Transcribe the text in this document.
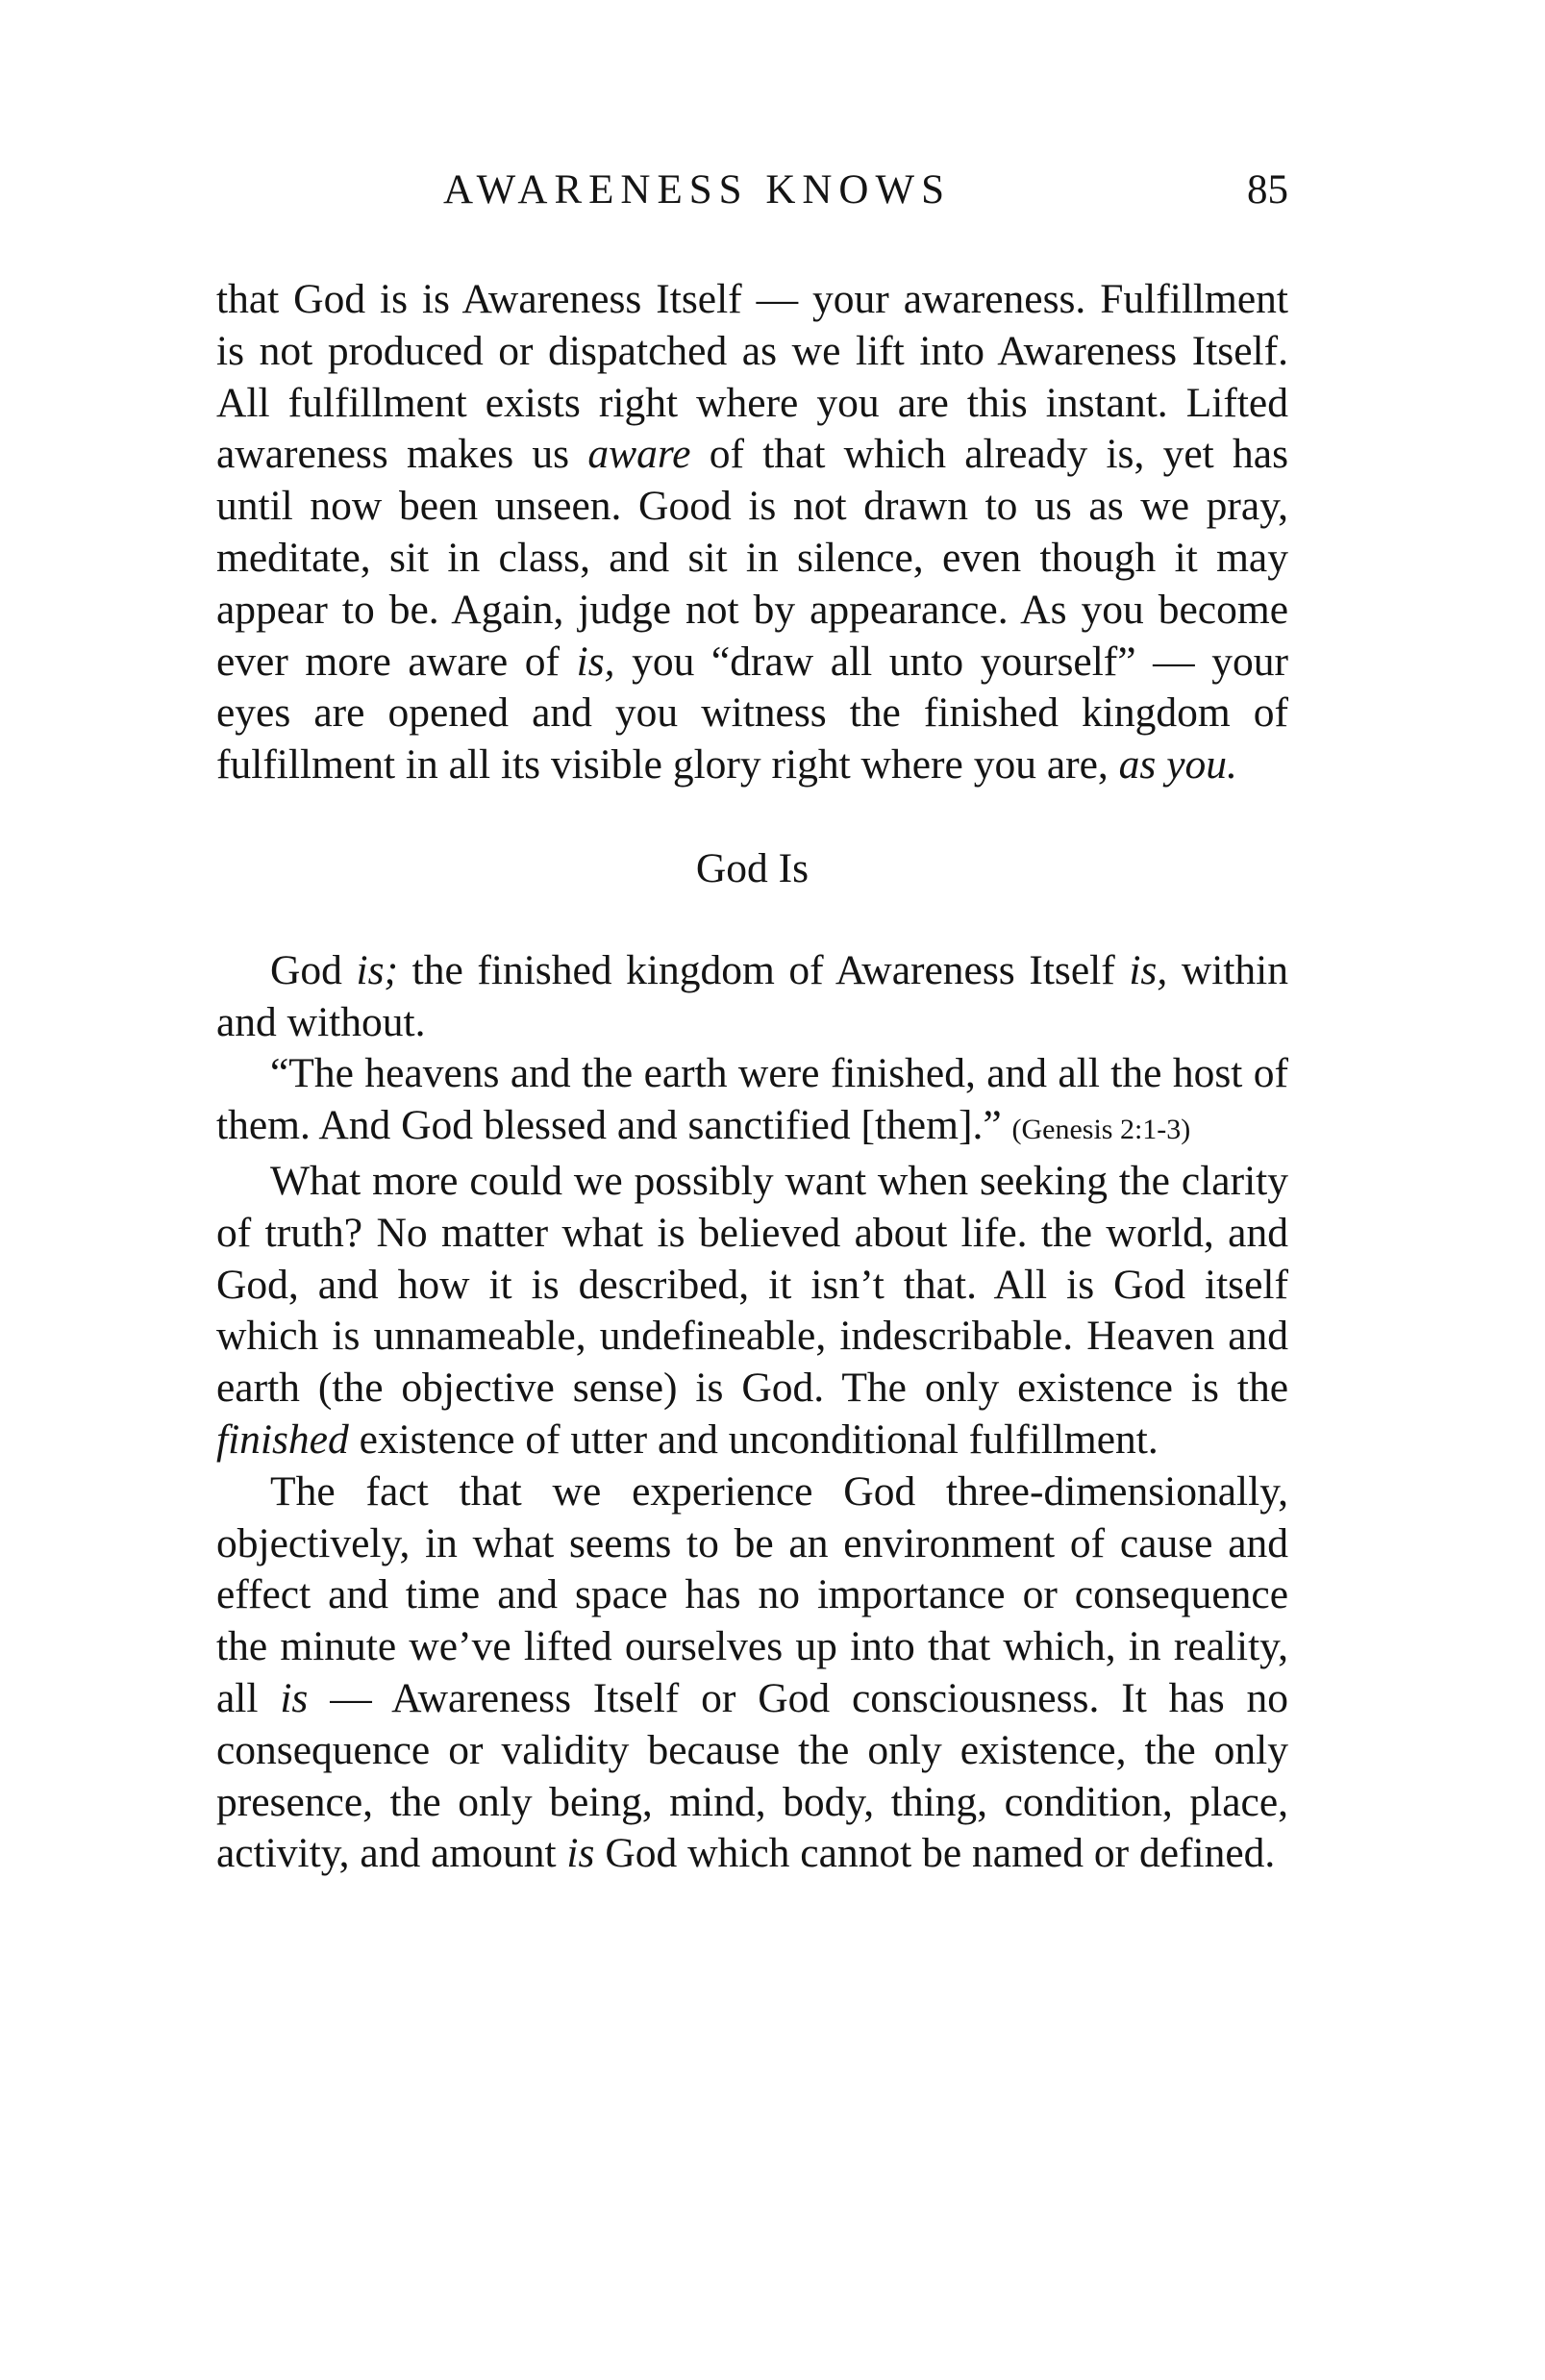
AWARENESS KNOWS	85

that God is is Awareness Itself — your awareness. Fulfillment is not produced or dispatched as we lift into Awareness Itself. All fulfillment exists right where you are this instant. Lifted awareness makes us aware of that which already is, yet has until now been unseen. Good is not drawn to us as we pray, meditate, sit in class, and sit in silence, even though it may appear to be. Again, judge not by appearance. As you become ever more aware of is, you “draw all unto yourself” — your eyes are opened and you witness the finished kingdom of fulfillment in all its visible glory right where you are, as you.

God Is

God is; the finished kingdom of Awareness Itself is, within and without.

“The heavens and the earth were finished, and all the host of them. And God blessed and sanctified [them].” (Genesis 2:1-3)

What more could we possibly want when seeking the clarity of truth? No matter what is believed about life. the world, and God, and how it is described, it isn’t that. All is God itself which is unnameable, undefineable, indescribable. Heaven and earth (the objective sense) is God. The only existence is the finished existence of utter and unconditional fulfillment.

The fact that we experience God three-dimensionally, objectively, in what seems to be an environment of cause and effect and time and space has no importance or consequence the minute we’ve lifted ourselves up into that which, in reality, all is — Awareness Itself or God consciousness. It has no consequence or validity because the only existence, the only presence, the only being, mind, body, thing, condition, place, activity, and amount is God which cannot be named or defined.
